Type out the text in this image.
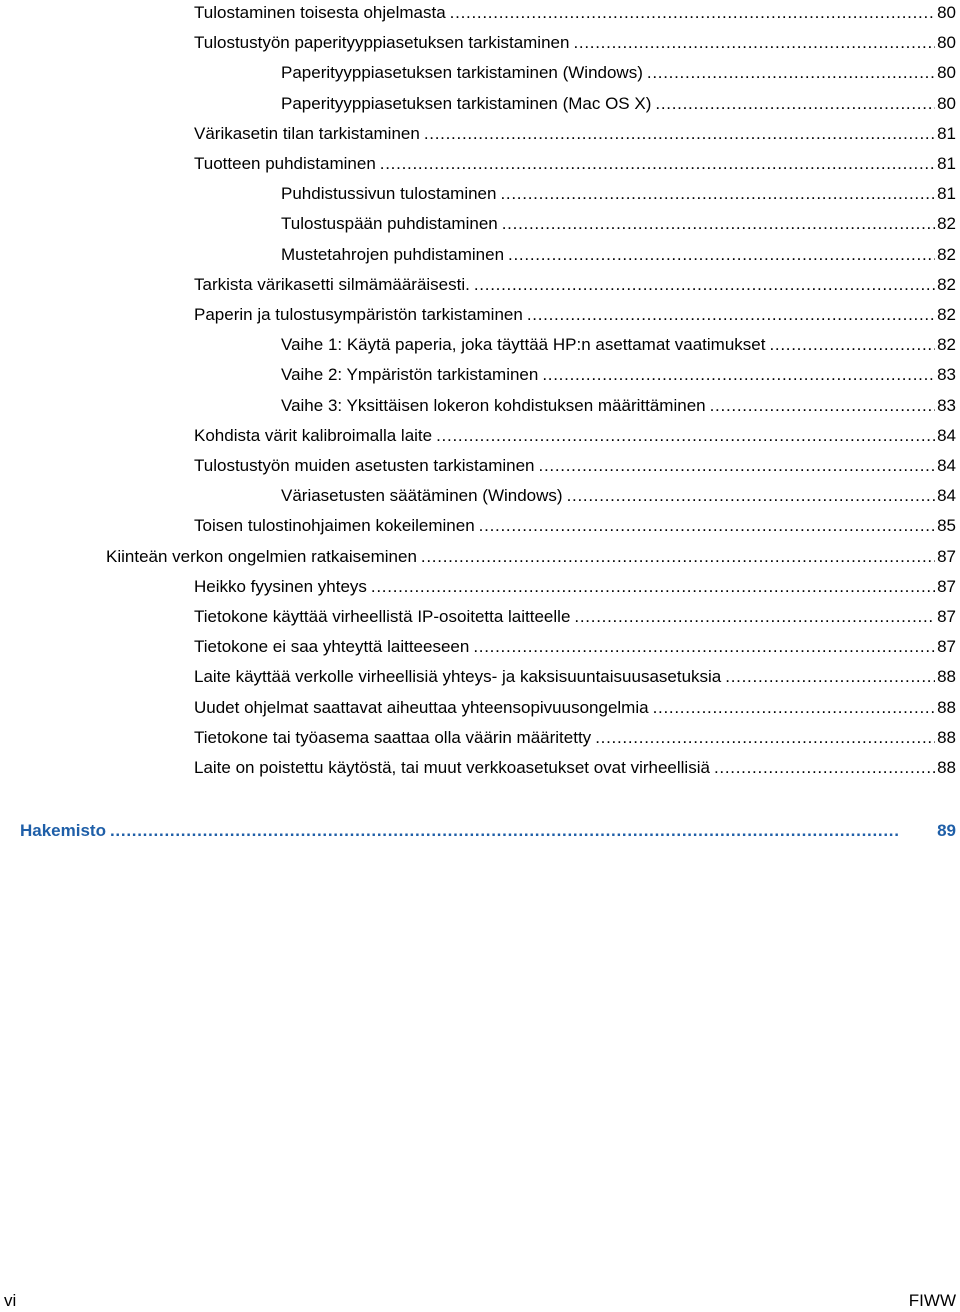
Tulostaminen toisesta ohjelmasta . . .	80
Tulostustyön paperityyppiasetuksen tarkistaminen . . .	80
Paperityyppiasetuksen tarkistaminen (Windows) . . .	80
Paperityyppiasetuksen tarkistaminen (Mac OS X) . . .	80
Värikasetin tilan tarkistaminen . . .	81
Tuotteen puhdistaminen . . .	81
Puhdistussivun tulostaminen . . .	81
Tulostuspään puhdistaminen . . .	82
Mustetahrojen puhdistaminen . . .	82
Tarkista värikasetti silmämääräisesti. . . .	82
Paperin ja tulostusympäristön tarkistaminen . . .	82
Vaihe 1: Käytä paperia, joka täyttää HP:n asettamat vaatimukset . . .	82
Vaihe 2: Ympäristön tarkistaminen . . .	83
Vaihe 3: Yksittäisen lokeron kohdistuksen määrittäminen . . .	83
Kohdista värit kalibroimalla laite . . .	84
Tulostustyön muiden asetusten tarkistaminen . . .	84
Väriasetusten säätäminen (Windows) . . .	84
Toisen tulostinohjaimen kokeileminen . . .	85
Kiinteän verkon ongelmien ratkaiseminen . . .	87
Heikko fyysinen yhteys . . .	87
Tietokone käyttää virheellistä IP-osoitetta laitteelle . . .	87
Tietokone ei saa yhteyttä laitteeseen . . .	87
Laite käyttää verkolle virheellisiä yhteys- ja kaksisuuntaisuusasetuksia . . .	88
Uudet ohjelmat saattavat aiheuttaa yhteensopivuusongelmia . . .	88
Tietokone tai työasema saattaa olla väärin määritetty . . .	88
Laite on poistettu käytöstä, tai muut verkkoasetukset ovat virheellisiä . . .	88
Hakemisto . . .	89
vi	FIWW
